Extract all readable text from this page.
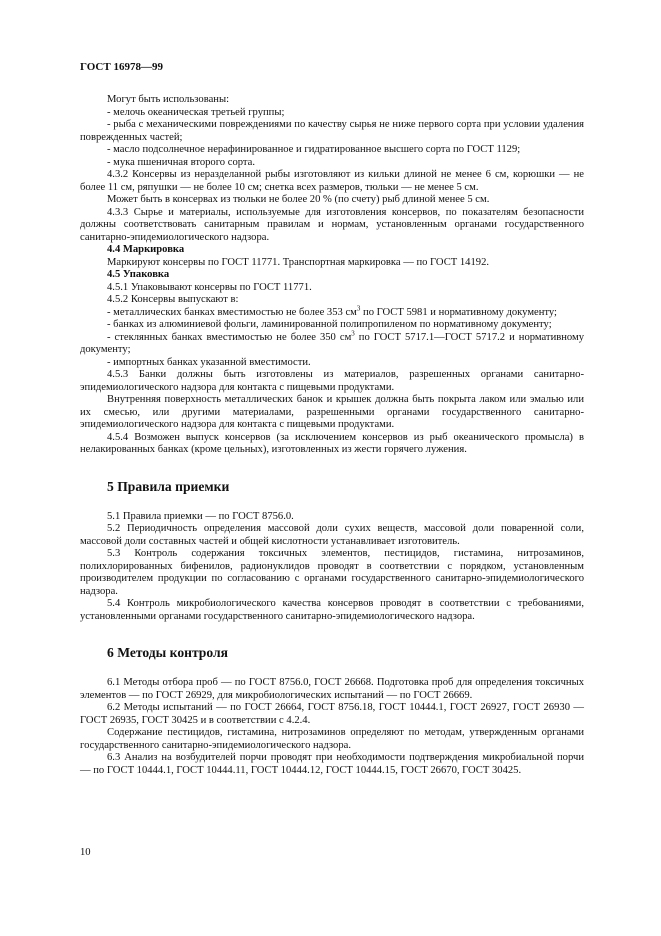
ГОСТ 16978—99

Могут быть использованы:

- мелочь океаническая третьей группы;

- рыба с механическими повреждениями по качеству сырья не ниже первого сорта при условии удаления поврежденных частей;

- масло подсолнечное нерафинированное и гидратированное высшего сорта по ГОСТ 1129;

- мука пшеничная второго сорта.

4.3.2 Консервы из неразделанной рыбы изготовляют из кильки длиной не менее 6 см, корюшки — не более 11 см, ряпушки — не более 10 см; снетка всех размеров, тюльки — не менее 5 см.

Может быть в консервах из тюльки не более 20 % (по счету) рыб длиной менее 5 см.

4.3.3 Сырье и материалы, используемые для изготовления консервов, по показателям безопасности должны соответствовать санитарным правилам и нормам, установленным органами государственного санитарно-эпидемиологического надзора.

4.4 Маркировка

Маркируют консервы по ГОСТ 11771. Транспортная маркировка — по ГОСТ 14192.

4.5 Упаковка

4.5.1 Упаковывают консервы по ГОСТ 11771.

4.5.2 Консервы выпускают в:

- металлических банках вместимостью не более 353 $см^3$ по ГОСТ 5981 и нормативному документу;

- банках из алюминиевой фольги, ламинированной полипропиленом по нормативному документу;

- стеклянных банках вместимостью не более 350 $см^3$ по ГОСТ 5717.1—ГОСТ 5717.2 и нормативному документу;

- импортных банках указанной вместимости.

4.5.3 Банки должны быть изготовлены из материалов, разрешенных органами санитарно-эпидемиологического надзора для контакта с пищевыми продуктами.

Внутренняя поверхность металлических банок и крышек должна быть покрыта лаком или эмалью или их смесью, или другими материалами, разрешенными органами государственного санитарно-эпидемиологического надзора для контакта с пищевыми продуктами.

4.5.4 Возможен выпуск консервов (за исключением консервов из рыб океанического промысла) в нелакированных банках (кроме цельных), изготовленных из жести горячего лужения.

5 Правила приемки

5.1 Правила приемки — по ГОСТ 8756.0.

5.2 Периодичность определения массовой доли сухих веществ, массовой доли поваренной соли, массовой доли составных частей и общей кислотности устанавливает изготовитель.

5.3 Контроль содержания токсичных элементов, пестицидов, гистамина, нитрозаминов, полихлорированных бифенилов, радионуклидов проводят в соответствии с порядком, установленным производителем продукции по согласованию с органами государственного санитарно-эпидемиологического надзора.

5.4 Контроль микробиологического качества консервов проводят в соответствии с требованиями, установленными органами государственного санитарно-эпидемиологического надзора.

6 Методы контроля

6.1 Методы отбора проб — по ГОСТ 8756.0, ГОСТ 26668. Подготовка проб для определения токсичных элементов — по ГОСТ 26929, для микробиологических испытаний — по ГОСТ 26669.

6.2 Методы испытаний — по ГОСТ 26664, ГОСТ 8756.18, ГОСТ 10444.1, ГОСТ 26927, ГОСТ 26930 — ГОСТ 26935, ГОСТ 30425 и в соответствии с 4.2.4.

Содержание пестицидов, гистамина, нитрозаминов определяют по методам, утвержденным органами государственного санитарно-эпидемиологического надзора.

6.3 Анализ на возбудителей порчи проводят при необходимости подтверждения микробиальной порчи — по ГОСТ 10444.1, ГОСТ 10444.11, ГОСТ 10444.12, ГОСТ 10444.15, ГОСТ 26670, ГОСТ 30425.

10
